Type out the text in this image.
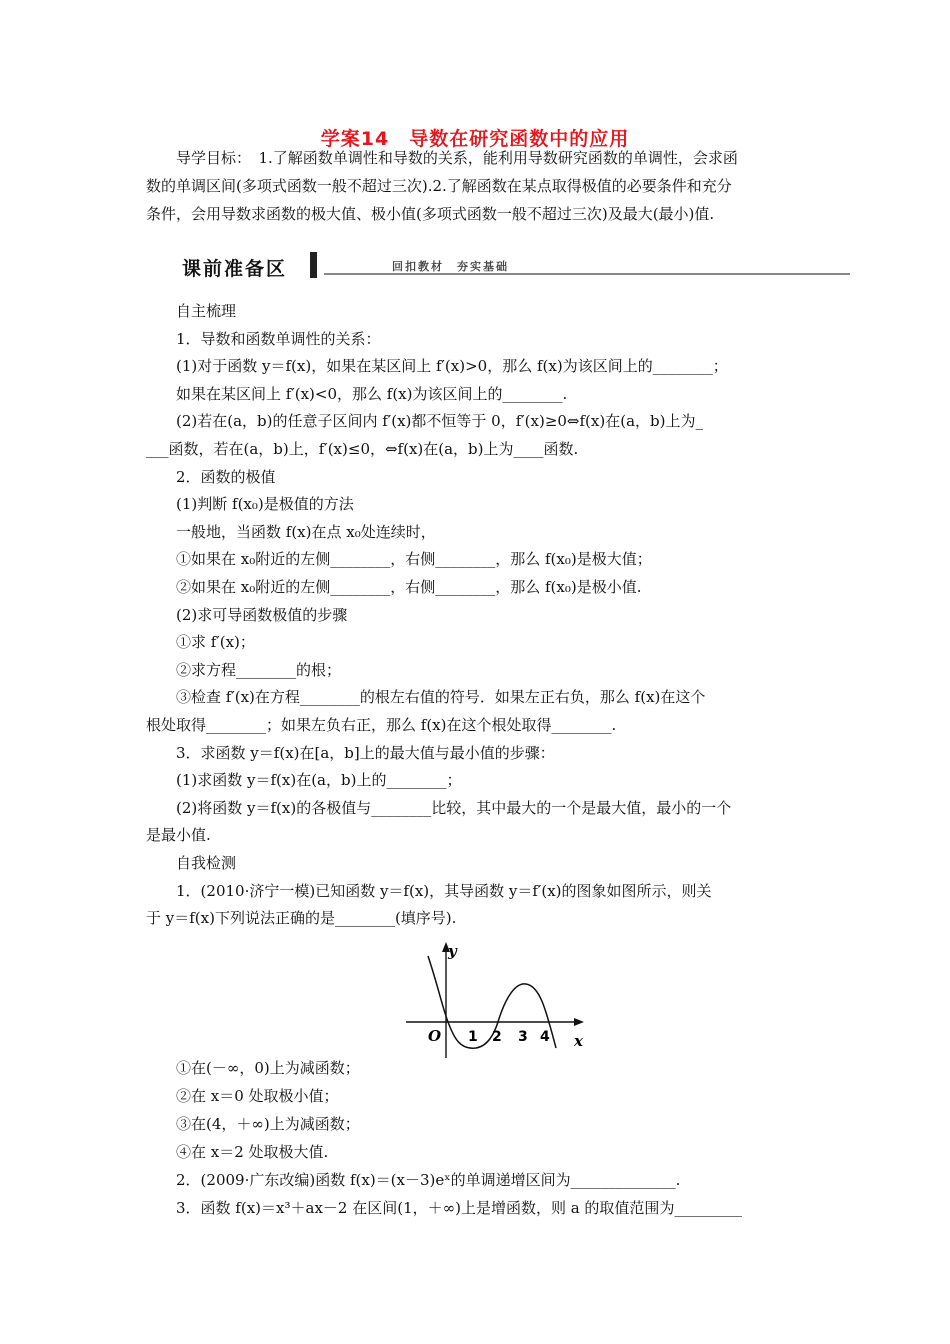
学案14　导数在研究函数中的应用
导学目标：　1.了解函数单调性和导数的关系，能利用导数研究函数的单调性，会求函
数的单调区间(多项式函数一般不超过三次).2.了解函数在某点取得极值的必要条件和充分
条件，会用导数求函数的极大值、极小值(多项式函数一般不超过三次)及最大(最小)值.
课前准备区	回扣教材　夯实基础
自主梳理
1．导数和函数单调性的关系：
(1)对于函数 y＝f(x)，如果在某区间上 f′(x)>0，那么 f(x)为该区间上的________；
如果在某区间上 f′(x)<0，那么 f(x)为该区间上的________.
(2)若在(a，b)的任意子区间内 f′(x)都不恒等于 0，f′(x)≥0⇔f(x)在(a，b)上为_
___函数，若在(a，b)上，f′(x)≤0，⇔f(x)在(a，b)上为____函数.
2．函数的极值
(1)判断 f(x₀)是极值的方法
一般地，当函数 f(x)在点 x₀处连续时，
①如果在 x₀附近的左侧________，右侧________，那么 f(x₀)是极大值；
②如果在 x₀附近的左侧________，右侧________，那么 f(x₀)是极小值.
(2)求可导函数极值的步骤
①求 f′(x)；
②求方程________的根；
③检查 f′(x)在方程________的根左右值的符号．如果左正右负，那么 f(x)在这个
根处取得________；如果左负右正，那么 f(x)在这个根处取得________.
3．求函数 y＝f(x)在[a，b]上的最大值与最小值的步骤：
(1)求函数 y＝f(x)在(a，b)上的________；
(2)将函数 y＝f(x)的各极值与________比较，其中最大的一个是最大值，最小的一个
是最小值.
自我检测
1．(2010·济宁一模)已知函数 y＝f(x)，其导函数 y＝f′(x)的图象如图所示，则关
于 y＝f(x)下列说法正确的是________(填序号).
y
x
O 1 2 3 4
①在(－∞，0)上为减函数；
②在 x＝0 处取极小值；
③在(4，＋∞)上为减函数；
④在 x＝2 处取极大值.
2．(2009·广东改编)函数 f(x)＝(x－3)eˣ的单调递增区间为______________.
3．函数 f(x)＝x³＋ax－2 在区间(1，＋∞)上是增函数，则 a 的取值范围为_________
